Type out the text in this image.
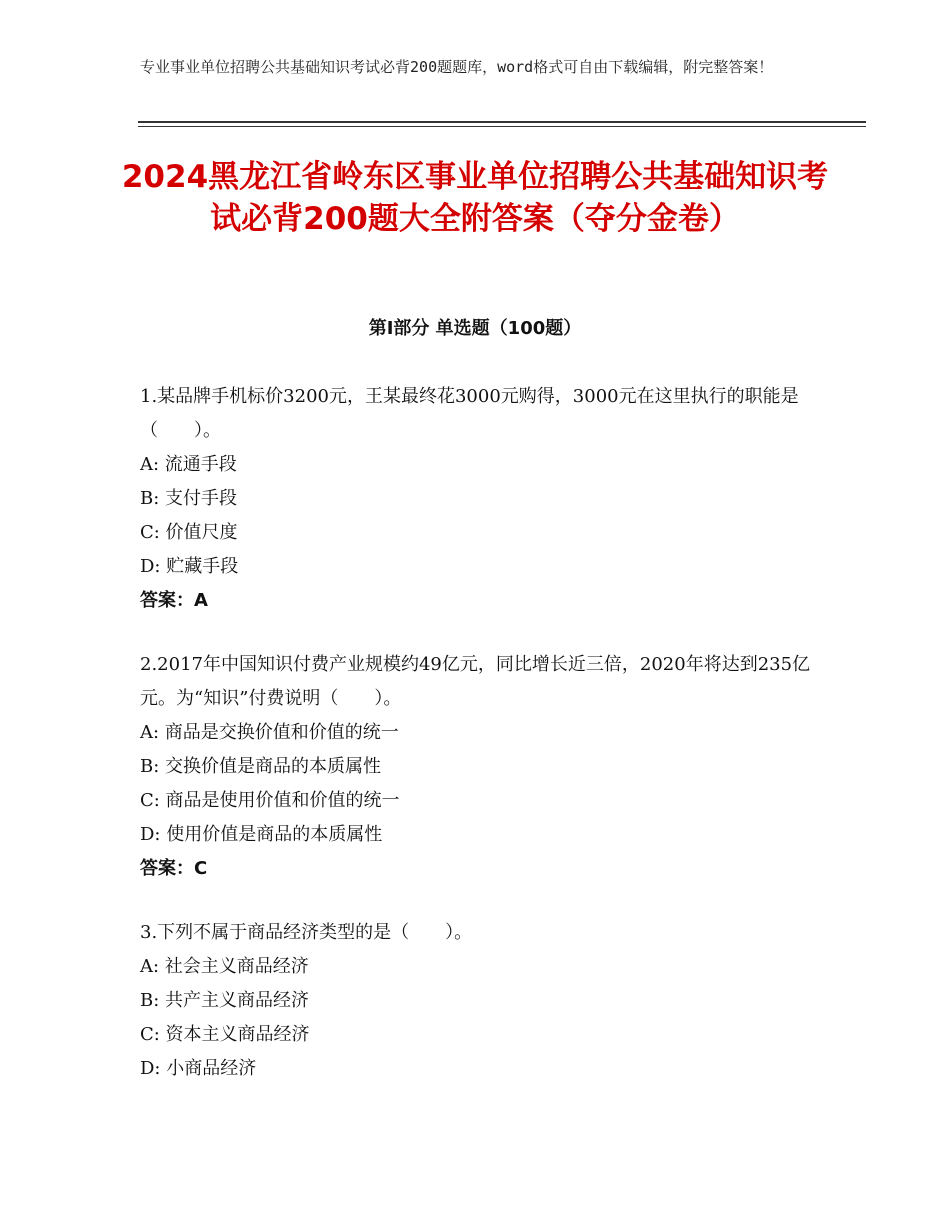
专业事业单位招聘公共基础知识考试必背200题题库，word格式可自由下载编辑，附完整答案！
2024黑龙江省岭东区事业单位招聘公共基础知识考试必背200题大全附答案（夺分金卷）
第Ⅰ部分 单选题（100题）
1.某品牌手机标价3200元，王某最终花3000元购得，3000元在这里执行的职能是（　　）。
A: 流通手段
B: 支付手段
C: 价值尺度
D: 贮藏手段
答案：A
2.2017年中国知识付费产业规模约49亿元，同比增长近三倍，2020年将达到235亿元。为“知识”付费说明（　　）。
A: 商品是交换价值和价值的统一
B: 交换价值是商品的本质属性
C: 商品是使用价值和价值的统一
D: 使用价值是商品的本质属性
答案：C
3.下列不属于商品经济类型的是（　　）。
A: 社会主义商品经济
B: 共产主义商品经济
C: 资本主义商品经济
D: 小商品经济
